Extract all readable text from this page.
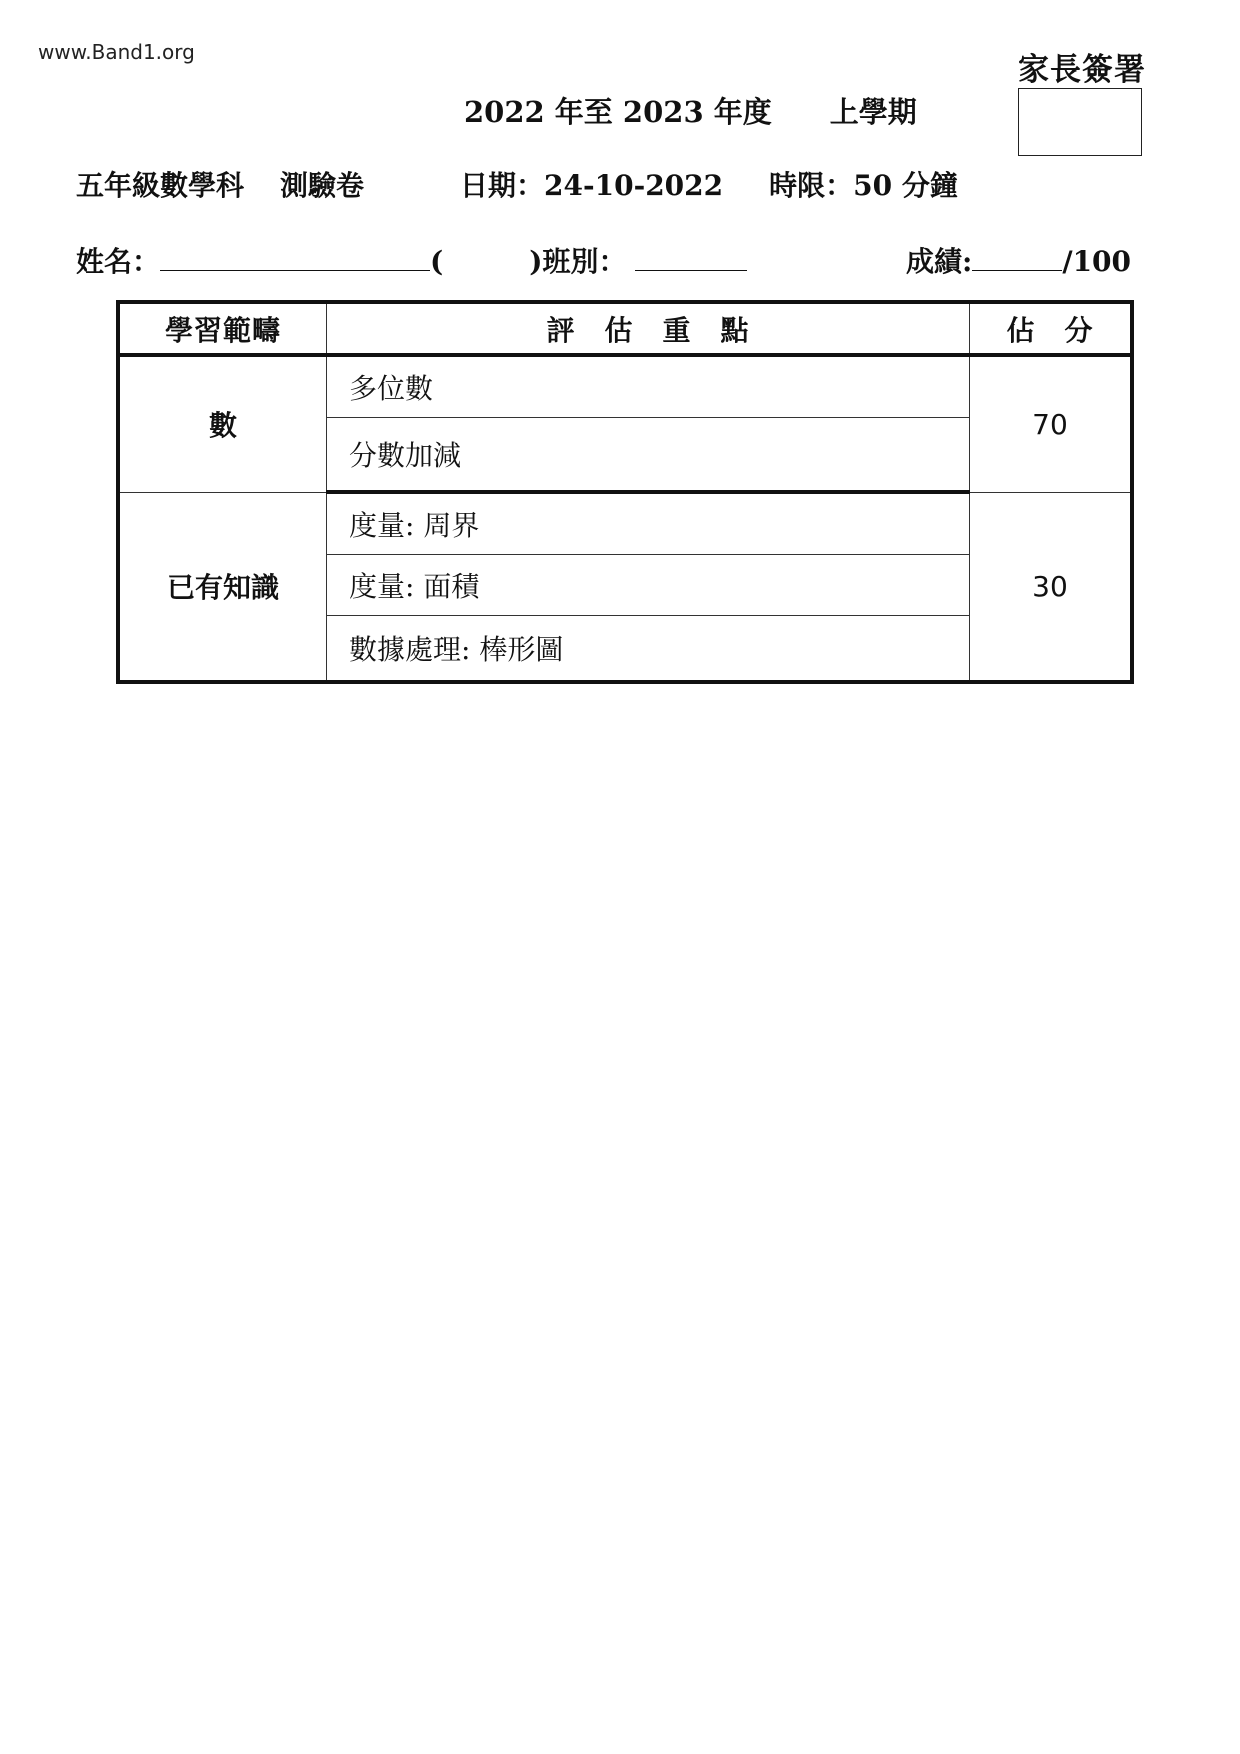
www.Band1.org	家長簽署
2022 年至 2023 年度 上學期
五年級數學科 測驗卷	日期：24-10-2022 時限：50 分鐘
姓名：	(	)班別：	成績:	/100
學習範疇	評　估　重　點	佔　分
數	多位數	70
	分數加減	
已有知識	度量: 周界	30
	度量: 面積	
	數據處理: 棒形圖	
